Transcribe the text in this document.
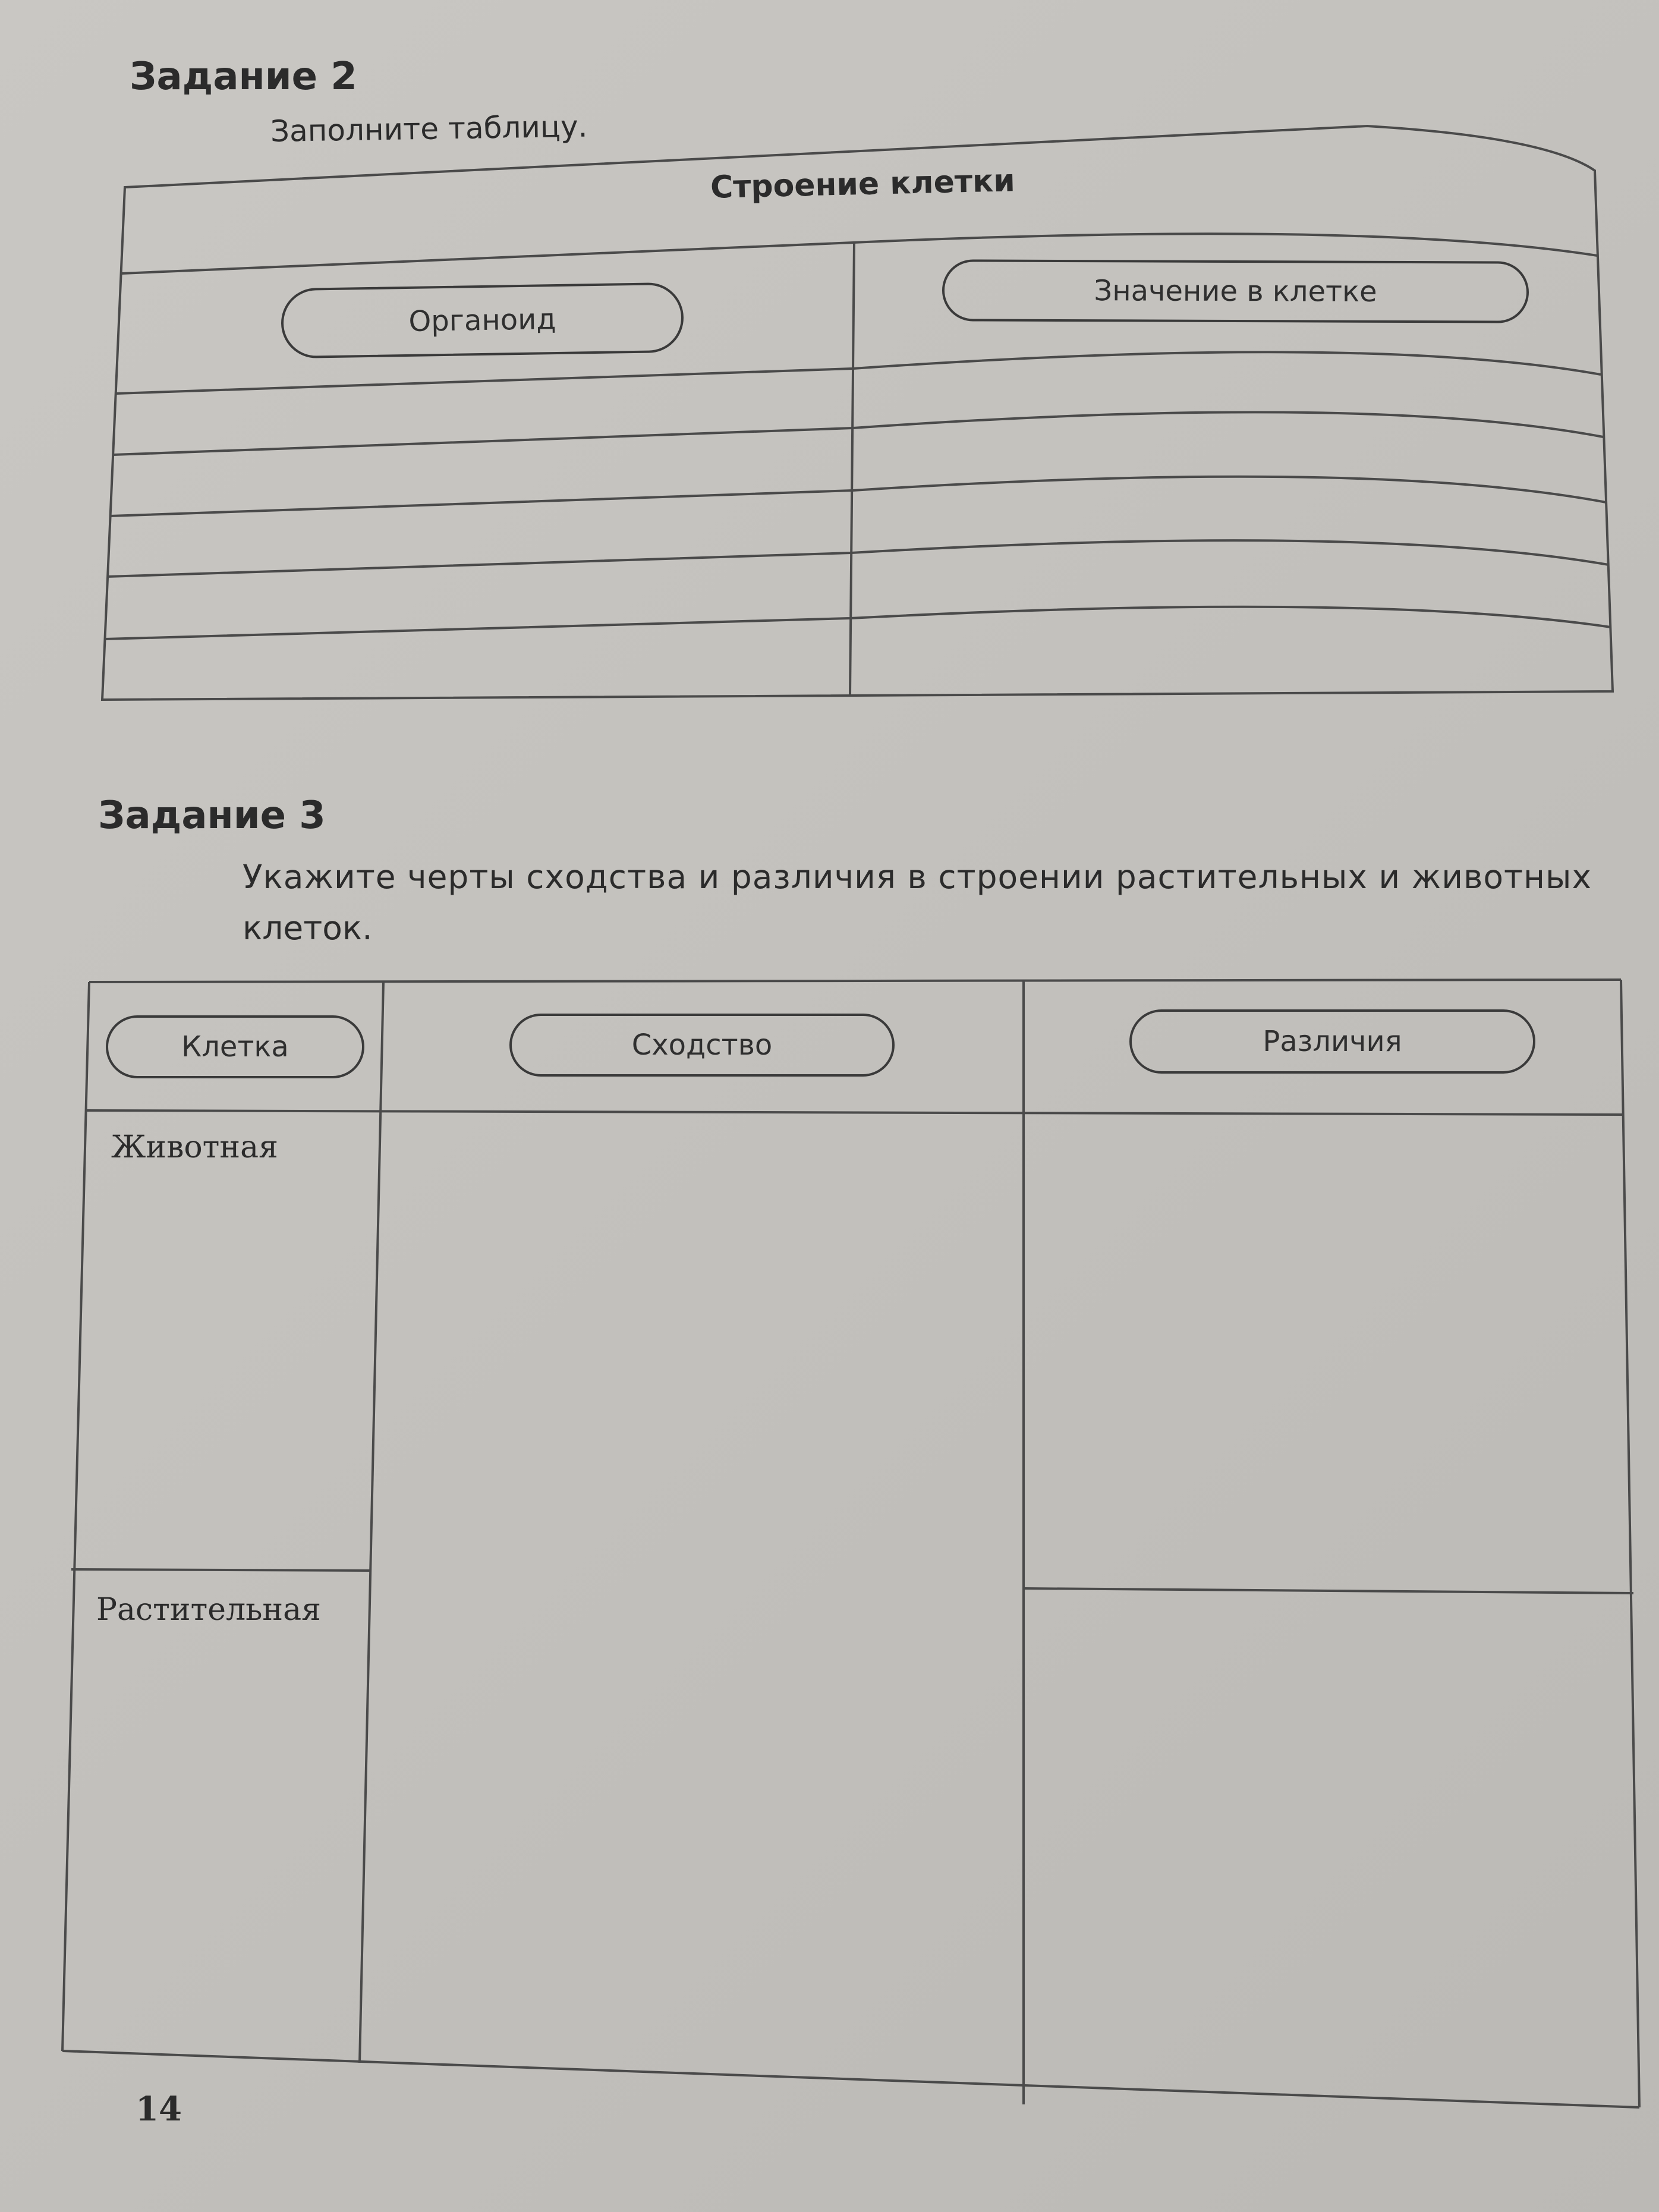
Задание 2

Заполните таблицу.

Строение клетки
Органоид
Значение в клетке
Задание 3

Укажите черты сходства и различия в строении растительных и животных

клеток.

Клетка	Сходство	Различия
Животная
Растительная
14
